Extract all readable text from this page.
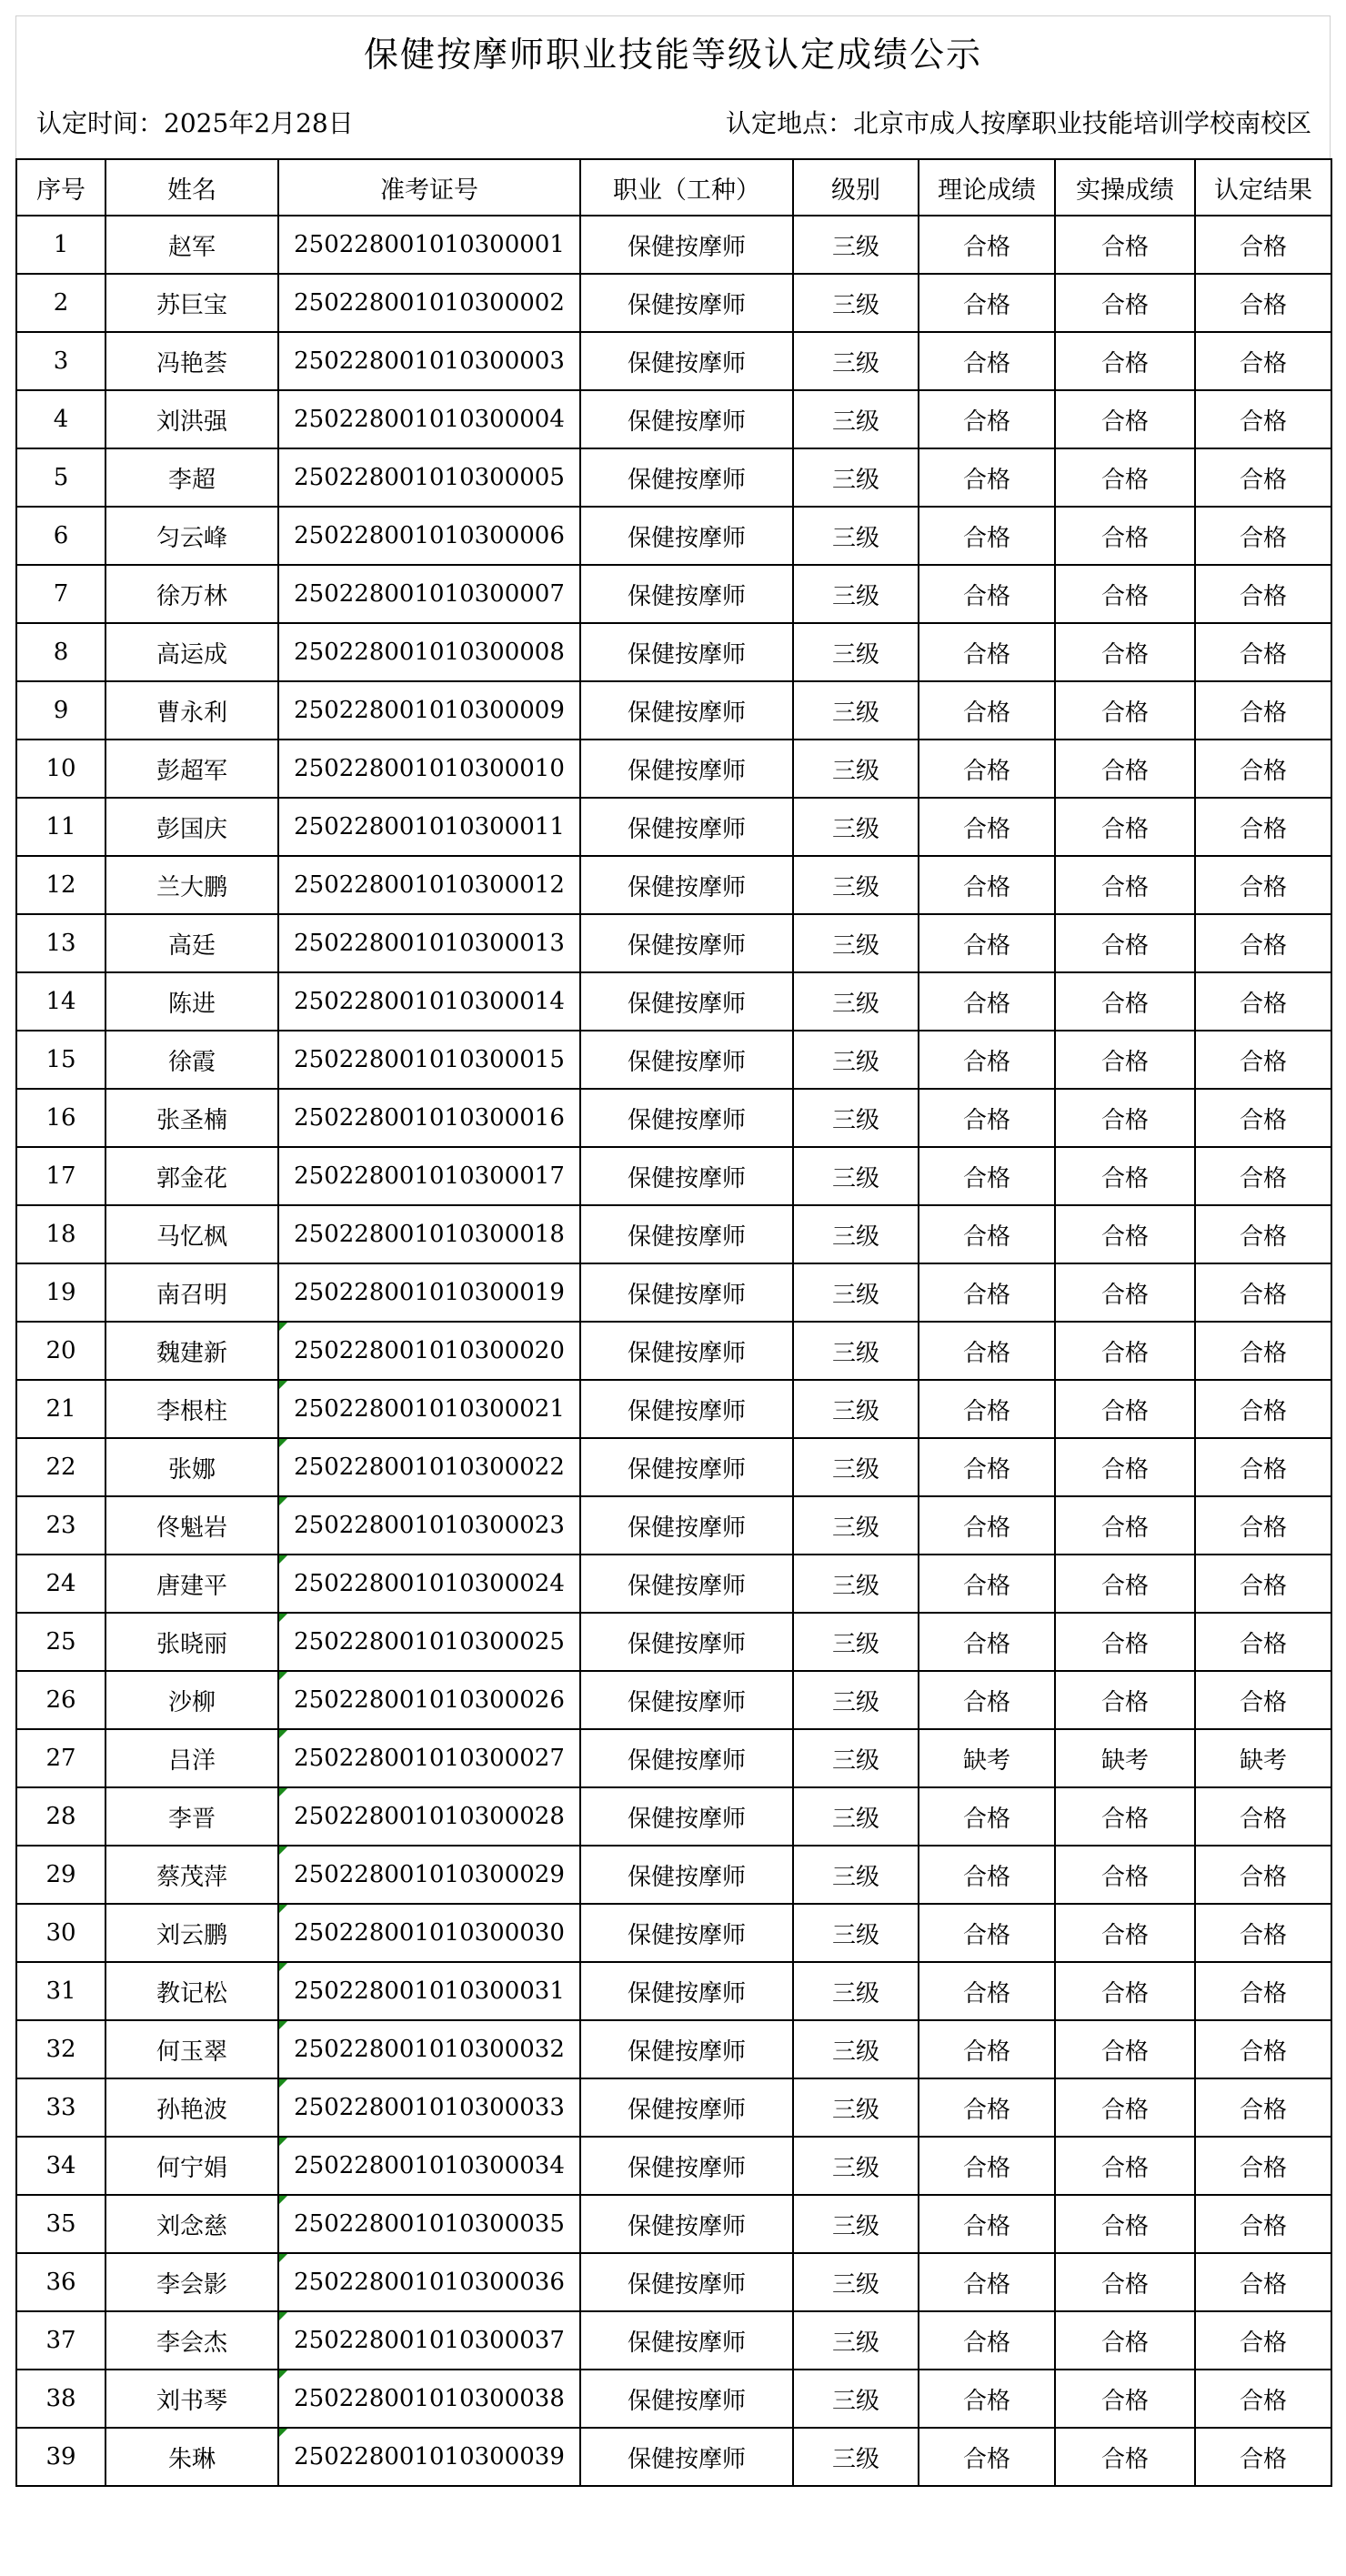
保健按摩师职业技能等级认定成绩公示
认定时间：2025年2月28日	认定地点：北京市成人按摩职业技能培训学校南校区
序号	姓名	准考证号	职业（工种）	级别	理论成绩	实操成绩	认定结果
1	赵军	250228001010300001	保健按摩师	三级	合格	合格	合格
2	苏巨宝	250228001010300002	保健按摩师	三级	合格	合格	合格
3	冯艳荟	250228001010300003	保健按摩师	三级	合格	合格	合格
4	刘洪强	250228001010300004	保健按摩师	三级	合格	合格	合格
5	李超	250228001010300005	保健按摩师	三级	合格	合格	合格
6	匀云峰	250228001010300006	保健按摩师	三级	合格	合格	合格
7	徐万林	250228001010300007	保健按摩师	三级	合格	合格	合格
8	高运成	250228001010300008	保健按摩师	三级	合格	合格	合格
9	曹永利	250228001010300009	保健按摩师	三级	合格	合格	合格
10	彭超军	250228001010300010	保健按摩师	三级	合格	合格	合格
11	彭国庆	250228001010300011	保健按摩师	三级	合格	合格	合格
12	兰大鹏	250228001010300012	保健按摩师	三级	合格	合格	合格
13	高廷	250228001010300013	保健按摩师	三级	合格	合格	合格
14	陈进	250228001010300014	保健按摩师	三级	合格	合格	合格
15	徐霞	250228001010300015	保健按摩师	三级	合格	合格	合格
16	张圣楠	250228001010300016	保健按摩师	三级	合格	合格	合格
17	郭金花	250228001010300017	保健按摩师	三级	合格	合格	合格
18	马忆枫	250228001010300018	保健按摩师	三级	合格	合格	合格
19	南召明	250228001010300019	保健按摩师	三级	合格	合格	合格
20	魏建新	250228001010300020	保健按摩师	三级	合格	合格	合格
21	李根柱	250228001010300021	保健按摩师	三级	合格	合格	合格
22	张娜	250228001010300022	保健按摩师	三级	合格	合格	合格
23	佟魁岩	250228001010300023	保健按摩师	三级	合格	合格	合格
24	唐建平	250228001010300024	保健按摩师	三级	合格	合格	合格
25	张晓丽	250228001010300025	保健按摩师	三级	合格	合格	合格
26	沙柳	250228001010300026	保健按摩师	三级	合格	合格	合格
27	吕洋	250228001010300027	保健按摩师	三级	缺考	缺考	缺考
28	李晋	250228001010300028	保健按摩师	三级	合格	合格	合格
29	蔡茂萍	250228001010300029	保健按摩师	三级	合格	合格	合格
30	刘云鹏	250228001010300030	保健按摩师	三级	合格	合格	合格
31	教记松	250228001010300031	保健按摩师	三级	合格	合格	合格
32	何玉翠	250228001010300032	保健按摩师	三级	合格	合格	合格
33	孙艳波	250228001010300033	保健按摩师	三级	合格	合格	合格
34	何宁娟	250228001010300034	保健按摩师	三级	合格	合格	合格
35	刘念慈	250228001010300035	保健按摩师	三级	合格	合格	合格
36	李会影	250228001010300036	保健按摩师	三级	合格	合格	合格
37	李会杰	250228001010300037	保健按摩师	三级	合格	合格	合格
38	刘书琴	250228001010300038	保健按摩师	三级	合格	合格	合格
39	朱琳	250228001010300039	保健按摩师	三级	合格	合格	合格
